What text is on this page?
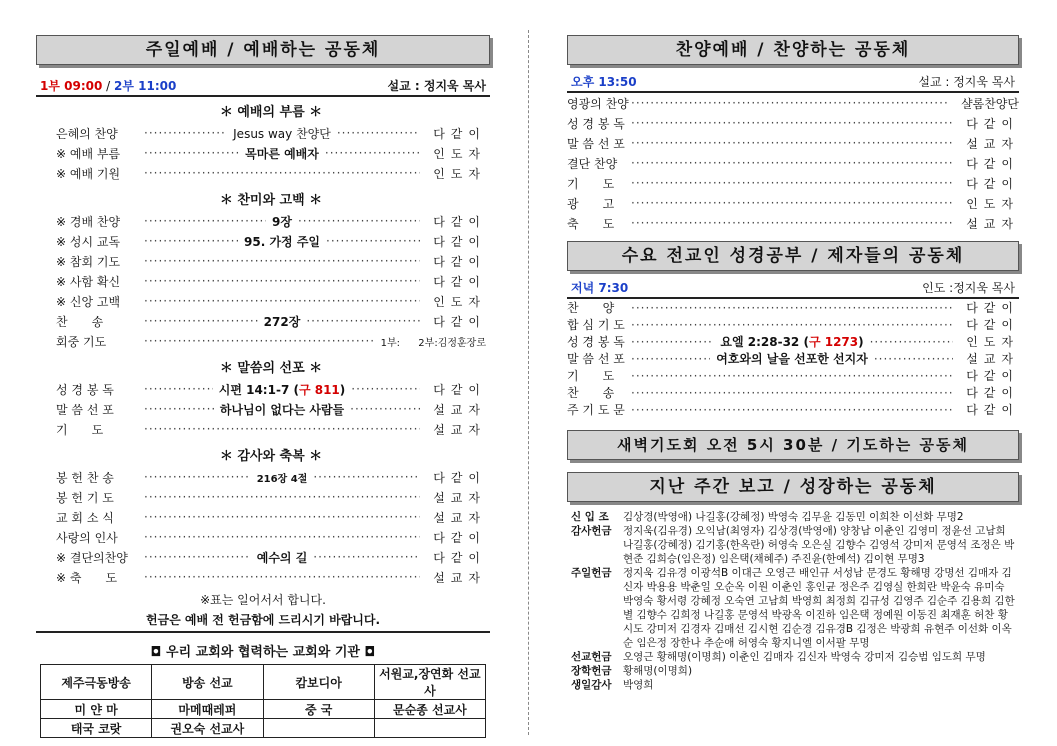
주일예배 / 예배하는 공동체
1부 09:00 / 2부 11:00	설교 : 정지욱 목사
＊ 예배의 부름 ＊
은혜의 찬양 ·····	Jesus way 찬양단 ·····	다같이
※ 예배 부름 ·····	목마른 예배자 ·····	인도자
※ 예배 기원 ·····	인도자
＊ 찬미와 고백 ＊
※ 경배 찬양 ·····	9장 ·····	다같이
※ 성시 교독 ·····	95. 가정 주일 ·····	다같이
※ 참회 기도 ·····	다같이
※ 사함 확신 ·····	다같이
※ 신앙 고백 ·····	인도자
찬　　송 ·····	272장 ·····	다같이
회중 기도 ·····	1부:	2부:김정훈장로
＊ 말씀의 선포 ＊
성 경 봉 독 ·····	시편 14:1-7 (구 811) ·····	다같이
말 씀 선 포 ·····	하나님이 없다는 사람들 ·····	설교자
기　　도 ·····	설교자
＊ 감사와 축복 ＊
봉 헌 찬 송 ·····	216장 4절 ·····	다같이
봉 헌 기 도 ·····	설교자
교 회 소 식 ·····	설교자
사랑의 인사 ·····	다같이
※ 결단의찬양 ·····	예수의 길 ·····	다같이
※ 축　　도 ·····	설교자
※표는 일어서서 합니다.
헌금은 예배 전 헌금함에 드리시기 바랍니다.
◘ 우리 교회와 협력하는 교회와 기관 ◘
제주극동방송	방송 선교	캄보디아	서원교,장연화 선교사
미 얀 마	마메때레퍼	중 국	문순종 선교사
태국 코랏	권오숙 선교사		
찬양예배 / 찬양하는 공동체
오후 13:50	설교 : 정지욱 목사
영광의 찬양 ·····	샬롬찬양단
성 경 봉 독 ·····	다같이
말 씀 선 포 ·····	설교자
결단 찬양 ·····	다같이
기　　도 ·····	다같이
광　　고 ·····	인도자
축　　도 ·····	설교자
수요 전교인 성경공부 / 제자들의 공동체
저녁 7:30	인도 :정지욱 목사
찬　　양 ·····	다같이
합 심 기 도 ·····	다같이
성 경 봉 독 ·····	요엘 2:28-32 (구 1273) ·····	인도자
말 씀 선 포 ·····	여호와의 날을 선포한 선지자 ·····	설교자
기　　도 ·····	다같이
찬　　송 ·····	다같이
주 기 도 문 ·····	다같이
새벽기도회 오전 5시 30분 / 기도하는 공동체
지난 주간 보고 / 성장하는 공동체
신 입 조	김상경(박영애) 나길홍(강혜정) 박영숙 김무윤 김동민 이희찬 이선화 무명2
감사헌금	정지욱(김유경) 오익남(최영자) 김상경(박영애) 양창남 이춘인 김영미 정윤선 고남희 나길홍(강혜정) 김기홍(한옥란) 허영숙 오은실 김향수 김영석 강미저 문영석 조정은 박현준 김희승(임은정) 임은택(채혜주) 주진윤(한예석) 김이현 무명3
주일헌금	정지욱 김유경 이광석B 이대근 오영근 배인규 서성남 문경도 황해명 강명선 김매자 김신자 박용용 박춘일 오순옥 이원 이춘인 홍인균 정은주 김영실 한희란 박윤숙 유미숙 박영숙 황서령 강혜정 오숙연 고남희 박영희 최정희 김규성 김영주 김순주 김용희 김한별 김향수 김희정 나길홍 문영석 박광옥 이진하 임은택 정예원 이동진 최재훈 허찬 황시도 강미저 김경자 김매선 김시현 김순경 김유경B 김정은 박광희 유현주 이선화 이옥순 임은정 장한나 추순애 허영숙 황지니엘 이서팔 무명
선교헌금	오영근 황해명(이명희) 이춘인 김매자 김신자 박영숙 강미저 김승범 임도희 무명
장학헌금	황해명(이명희)
생일감사	박영희
